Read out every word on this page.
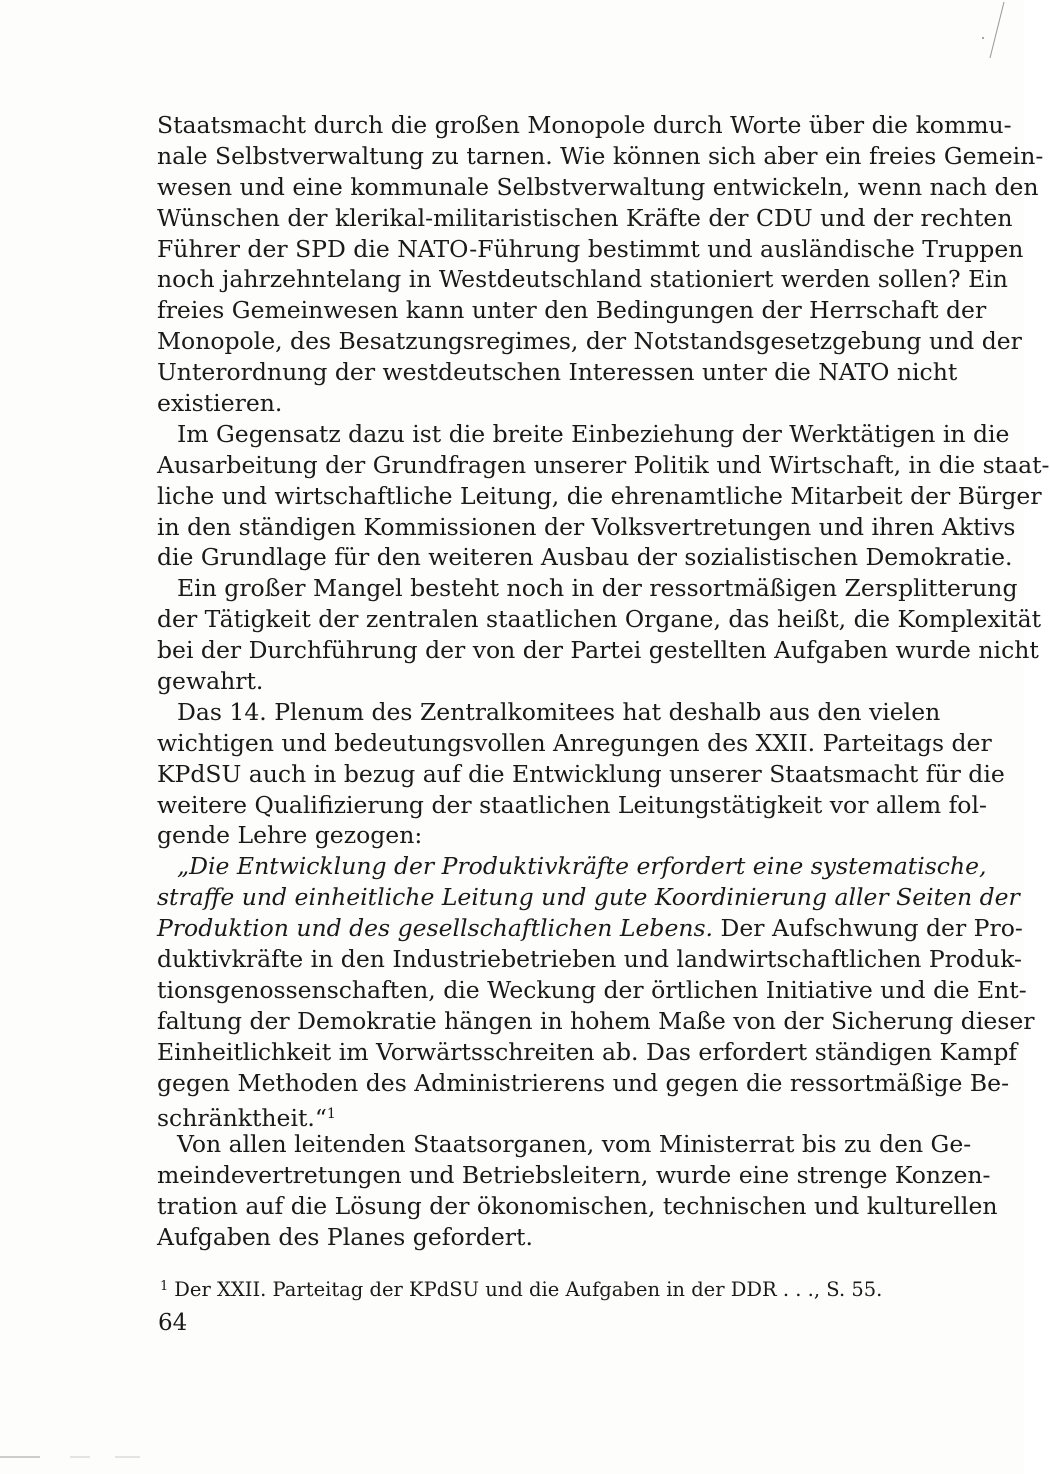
Staatsmacht durch die großen Monopole durch Worte über die kommu-
nale Selbstverwaltung zu tarnen. Wie können sich aber ein freies Gemein-
wesen und eine kommunale Selbstverwaltung entwickeln, wenn nach den
Wünschen der klerikal-militaristischen Kräfte der CDU und der rechten
Führer der SPD die NATO-Führung bestimmt und ausländische Truppen
noch jahrzehntelang in Westdeutschland stationiert werden sollen? Ein
freies Gemeinwesen kann unter den Bedingungen der Herrschaft der
Monopole, des Besatzungsregimes, der Notstandsgesetzgebung und der
Unterordnung der westdeutschen Interessen unter die NATO nicht
existieren.
Im Gegensatz dazu ist die breite Einbeziehung der Werktätigen in die
Ausarbeitung der Grundfragen unserer Politik und Wirtschaft, in die staat-
liche und wirtschaftliche Leitung, die ehrenamtliche Mitarbeit der Bürger
in den ständigen Kommissionen der Volksvertretungen und ihren Aktivs
die Grundlage für den weiteren Ausbau der sozialistischen Demokratie.
Ein großer Mangel besteht noch in der ressortmäßigen Zersplitterung
der Tätigkeit der zentralen staatlichen Organe, das heißt, die Komplexität
bei der Durchführung der von der Partei gestellten Aufgaben wurde nicht
gewahrt.
Das 14. Plenum des Zentralkomitees hat deshalb aus den vielen
wichtigen und bedeutungsvollen Anregungen des XXII. Parteitags der
KPdSU auch in bezug auf die Entwicklung unserer Staatsmacht für die
weitere Qualifizierung der staatlichen Leitungstätigkeit vor allem fol-
gende Lehre gezogen:
„Die Entwicklung der Produktivkräfte erfordert eine systematische,
straffe und einheitliche Leitung und gute Koordinierung aller Seiten der
Produktion und des gesellschaftlichen Lebens. Der Aufschwung der Pro-
duktivkräfte in den Industriebetrieben und landwirtschaftlichen Produk-
tionsgenossenschaften, die Weckung der örtlichen Initiative und die Ent-
faltung der Demokratie hängen in hohem Maße von der Sicherung dieser
Einheitlichkeit im Vorwärtsschreiten ab. Das erfordert ständigen Kampf
gegen Methoden des Administrierens und gegen die ressortmäßige Be-
schränktheit.“$^1$
Von allen leitenden Staatsorganen, vom Ministerrat bis zu den Ge-
meindevertretungen und Betriebsleitern, wurde eine strenge Konzen-
tration auf die Lösung der ökonomischen, technischen und kulturellen
Aufgaben des Planes gefordert.
$^1$ Der XXII. Parteitag der KPdSU und die Aufgaben in der DDR . . ., S. 55.
64
